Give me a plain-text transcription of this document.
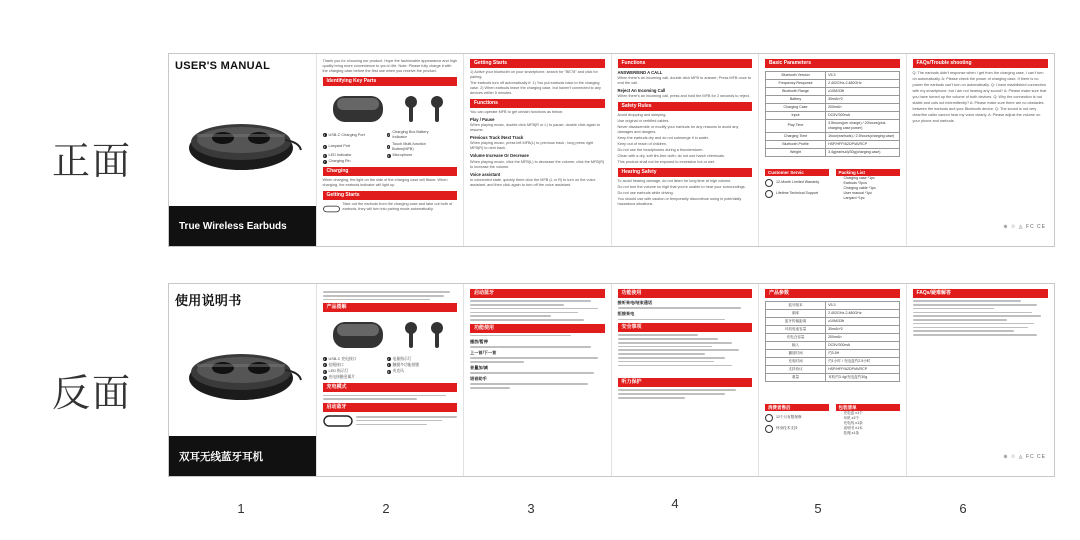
正面
反面
USER'S MANUAL
True Wireless Earbuds
Thank you for choosing our product. Hope the fashionable appearance and high quality bring more convenience to you in life. Note: Please fully charge it with the charging case before the first use when you receive the product.
Identifying Key Parts
1 USB-C Charging Port	2
Charging Box Battery Indicator
3 Lanyard Port	4
Touch Multi-function Button(MFB)
5 LED Indicator	6 Microphone
7 Charging Pin
Charging
When charging, the light on the side of the charging case will flicker. When charging, the earbuds indicator will light up.
Getting Starts
Take out the earbuds from the charging case and take out both of earbuds, they will turn into pairing mode automatically.
Getting Starts
1) Active your bluetooth on your smartphone, search for "BE78" and click for pairing.
The earbuds turn off automatically if: 1) You put earbuds back to the charging case. 2) When earbuds leave the charging case, but haven't connected to any devices within 5 minutes.
Functions
You can operate MFB to get certain functions as below:
Play / Pause
When playing music, double click MFB(R or L) to pause, double click again to resume.
Previous Track /Next Track
When playing music, press left MFB(L) to previous track ; long press right MFB(R) to next track.
Volume Increase Or Decrease
When playing music, click the MFB(L) to decrease the volume; click the MFB(R) to increase the volume.
Voice assistant
In connected state, quickly three click the MFB (L or R) to turn on the voice assistant, and then click again to turn off the voice assistant.
Functions
ANSWER/END A CALL
When there's an incoming call, double click MFB to answer; Press MFB once to end the call.
Reject An Incoming Call
When there's an incoming call, press and hold the MFB for 2 seconds to reject.
Safety Rules
Avoid dropping and sleeping.
Use original or certified cables.
Never disassemble or modify your earbuds for any reasons to avoid any damages and dangers.
Keep the earbuds dry and do not submerge it in water.
Keep out of reach of children.
Do not use the headphones during a thunderstorm.
Clean with a dry, soft lint-free cloth; do not use harsh chemicals.
This product shall not be exposed to excessive hot or wet.
Hearing Safety
To avoid hearing damage, do not listen for long time at high volume.
Do not turn the volume so high that you're unable to hear your surroundings.
Do not use earbuds while driving.
You should use with caution or temporarily discontinue using in potentially hazardous situations.
Basic Parameters
Bluetooth Version	V5.3
Frequency Response	2.402GHz-2.480GHz
Bluetooth Range	≥10M/33ft
Battery	30mAh*2
Charging Case	200mAh
Input	DC5V/300mA
Play Time	3.5hours(per charge) / 20hours(plus charging case power)
Charging Time	1hour(earbuds) / 2.5hours(charging case)
Bluetooth Profile	HSP/HFP/A2DP/AVRCP
Weight	3.4g(earbud)/30g(charging case)
Customer Servic
12-Month Limited Warranty
Lifetime Technical Support
Packing List
Charging case *1pc
Earbuds *2pcs
Charging cable *1pc
User manual *1pc
Lanyard *1pc
FAQs/Trouble shooting
Q: The earbuds didn't response when I get from the charging case, I can't turn on automatically. A: Please check the power of charging case. If there is no power the earbuds can't turn on automatically. Q: I have established connection with my smartphone, but I am not hearing any sound? A: Please make sure that you have turned up the volume of both devices. Q: Why the connection is not stable and cuts out intermittently? A: Please make sure there are no obstacles between the earbuds and your Bluetooth device. Q: The sound is not very clear/the caller cannot hear my voice clearly. A: Please adjust the volume on your phone and earbuds.
⊕ ♲ ◬ FC CE
使用说明书
双耳无线蓝牙耳机
产品图解
1 USB-C 充电接口	2 电量指示灯
3 挂绳接口	4 触摸多功能按键
5 LED 指示灯	6 麦克风
7 充电接触金属片
充电模式
启动蓝牙
启动蓝牙
功能使用
播放/暂停
上一首/下一首
音量加/减
语音助手
功能使用
接听来电/结束通话
拒接来电
安全事项
听力保护
产品参数
蓝牙版本	V5.3
频率	2.402GHz-2.480GHz
蓝牙传输距离	≥10M/33ft
耳机电池容量	30mAh*2
充电仓容量	200mAh
输入	DC5V/300mA
播放时间	约3.5H
充电时间	约1小时 / 充电盒约2.5小时
支持协议	HSP/HFP/A2DP/AVRCP
重量	耳机约3.4g/充电盒约30g
消费者售后
12个月有限保修
终身技术支持
包装清单
充电盒 x1个
耳机 x2个
充电线 x1条
说明书 x1本
挂绳 x1条
FAQs/疑难解答
⊕ ♲ ◬ FC CE
1	2	3	4	5	6
